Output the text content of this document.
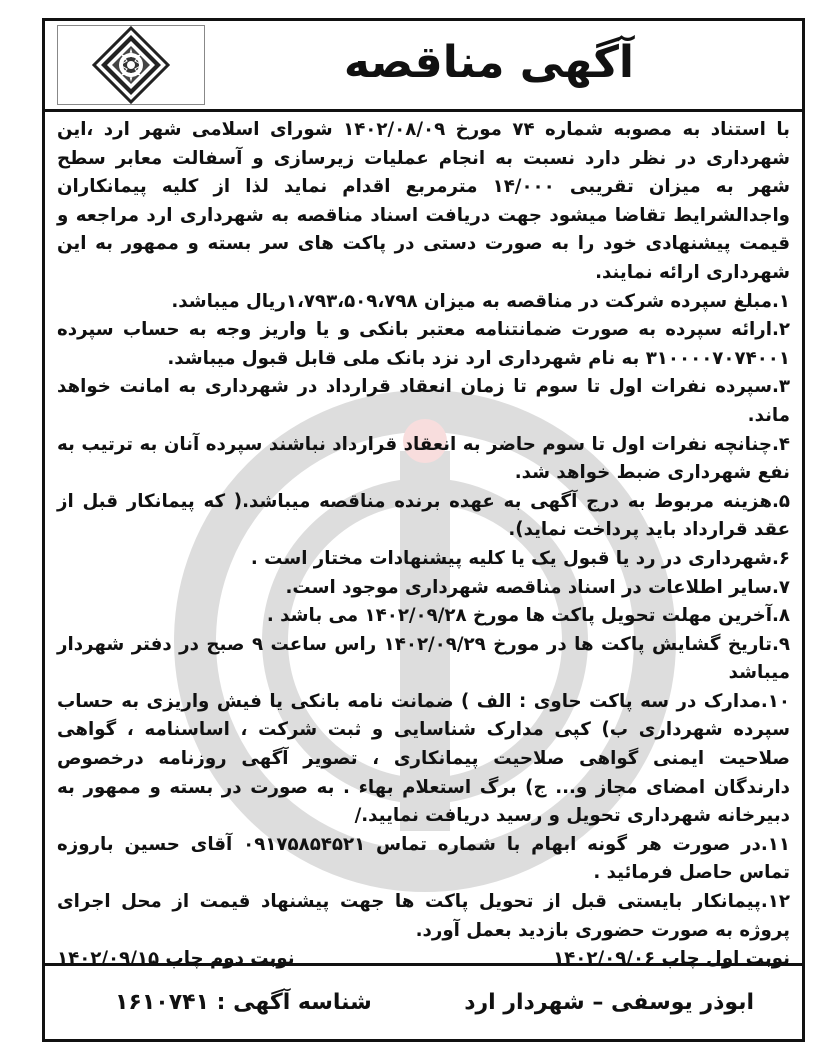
آگهی مناقصه

با استناد به مصوبه شماره ۷۴ مورخ ۱۴۰۲/۰۸/۰۹ شورای اسلامی شهر ارد ،این شهرداری در نظر دارد نسبت به انجام عملیات زیرسازی و آسفالت معابر سطح شهر به میزان تقریبی ۱۴/۰۰۰ مترمربع اقدام نماید لذا از کلیه پیمانکاران واجدالشرایط تقاضا میشود جهت دریافت اسناد مناقصه به شهرداری ارد مراجعه و قیمت پیشنهادی خود را به صورت دستی در پاکت های سر بسته و ممهور به این شهرداری ارائه نمایند.

۱.مبلغ سپرده شرکت در مناقصه به میزان ۱،۷۹۳،۵۰۹،۷۹۸ریال میباشد.

۲.ارائه سپرده به صورت ضمانتنامه معتبر بانکی و یا واریز وجه به حساب سپرده ۳۱۰۰۰۰۷۰۷۴۰۰۱ به نام شهرداری ارد نزد بانک ملی قابل قبول میباشد.

۳.سپرده نفرات اول تا سوم تا زمان انعقاد قرارداد در شهرداری به امانت خواهد ماند.

۴.چنانچه نفرات اول تا سوم حاضر به انعقاد قرارداد نباشند سپرده آنان به ترتیب به نفع شهرداری ضبط خواهد شد.

۵.هزینه مربوط به درج آگهی به عهده برنده مناقصه میباشد.( که پیمانکار قبل از عقد قرارداد باید پرداخت نماید).

۶.شهرداری در رد یا قبول یک یا کلیه پیشنهادات مختار است .

۷.سایر اطلاعات در اسناد مناقصه شهرداری موجود است.

۸.آخرین مهلت تحویل پاکت ها مورخ ۱۴۰۲/۰۹/۲۸ می باشد .

۹.تاریخ گشایش پاکت ها در مورخ ۱۴۰۲/۰۹/۲۹ راس ساعت ۹ صبح در دفتر شهردار میباشد

۱۰.مدارک در سه پاکت حاوی : الف ) ضمانت نامه بانکی یا فیش واریزی به حساب سپرده شهرداری ب) کپی مدارک شناسایی و ثبت شرکت ، اساسنامه ، گواهی صلاحیت ایمنی گواهی صلاحیت پیمانکاری ، تصویر آگهی روزنامه درخصوص دارندگان امضای مجاز و... ج) برگ استعلام بهاء . به صورت در بسته و ممهور به دبیرخانه شهرداری تحویل و رسید دریافت نمایید./

۱۱.در صورت هر گونه ابهام با شماره تماس ۰۹۱۷۵۸۵۴۵۲۱ آقای حسین باروزه تماس حاصل فرمائید .

۱۲.پیمانکار بایستی قبل از تحویل پاکت ها جهت پیشنهاد قیمت از محل اجرای پروژه به صورت حضوری بازدید بعمل آورد.

نوبت اول چاپ ۱۴۰۲/۰۹/۰۶
نوبت دوم چاپ ۱۴۰۲/۰۹/۱۵
ابوذر یوسفی – شهردار ارد
شناسه آگهی : ۱۶۱۰۷۴۱
